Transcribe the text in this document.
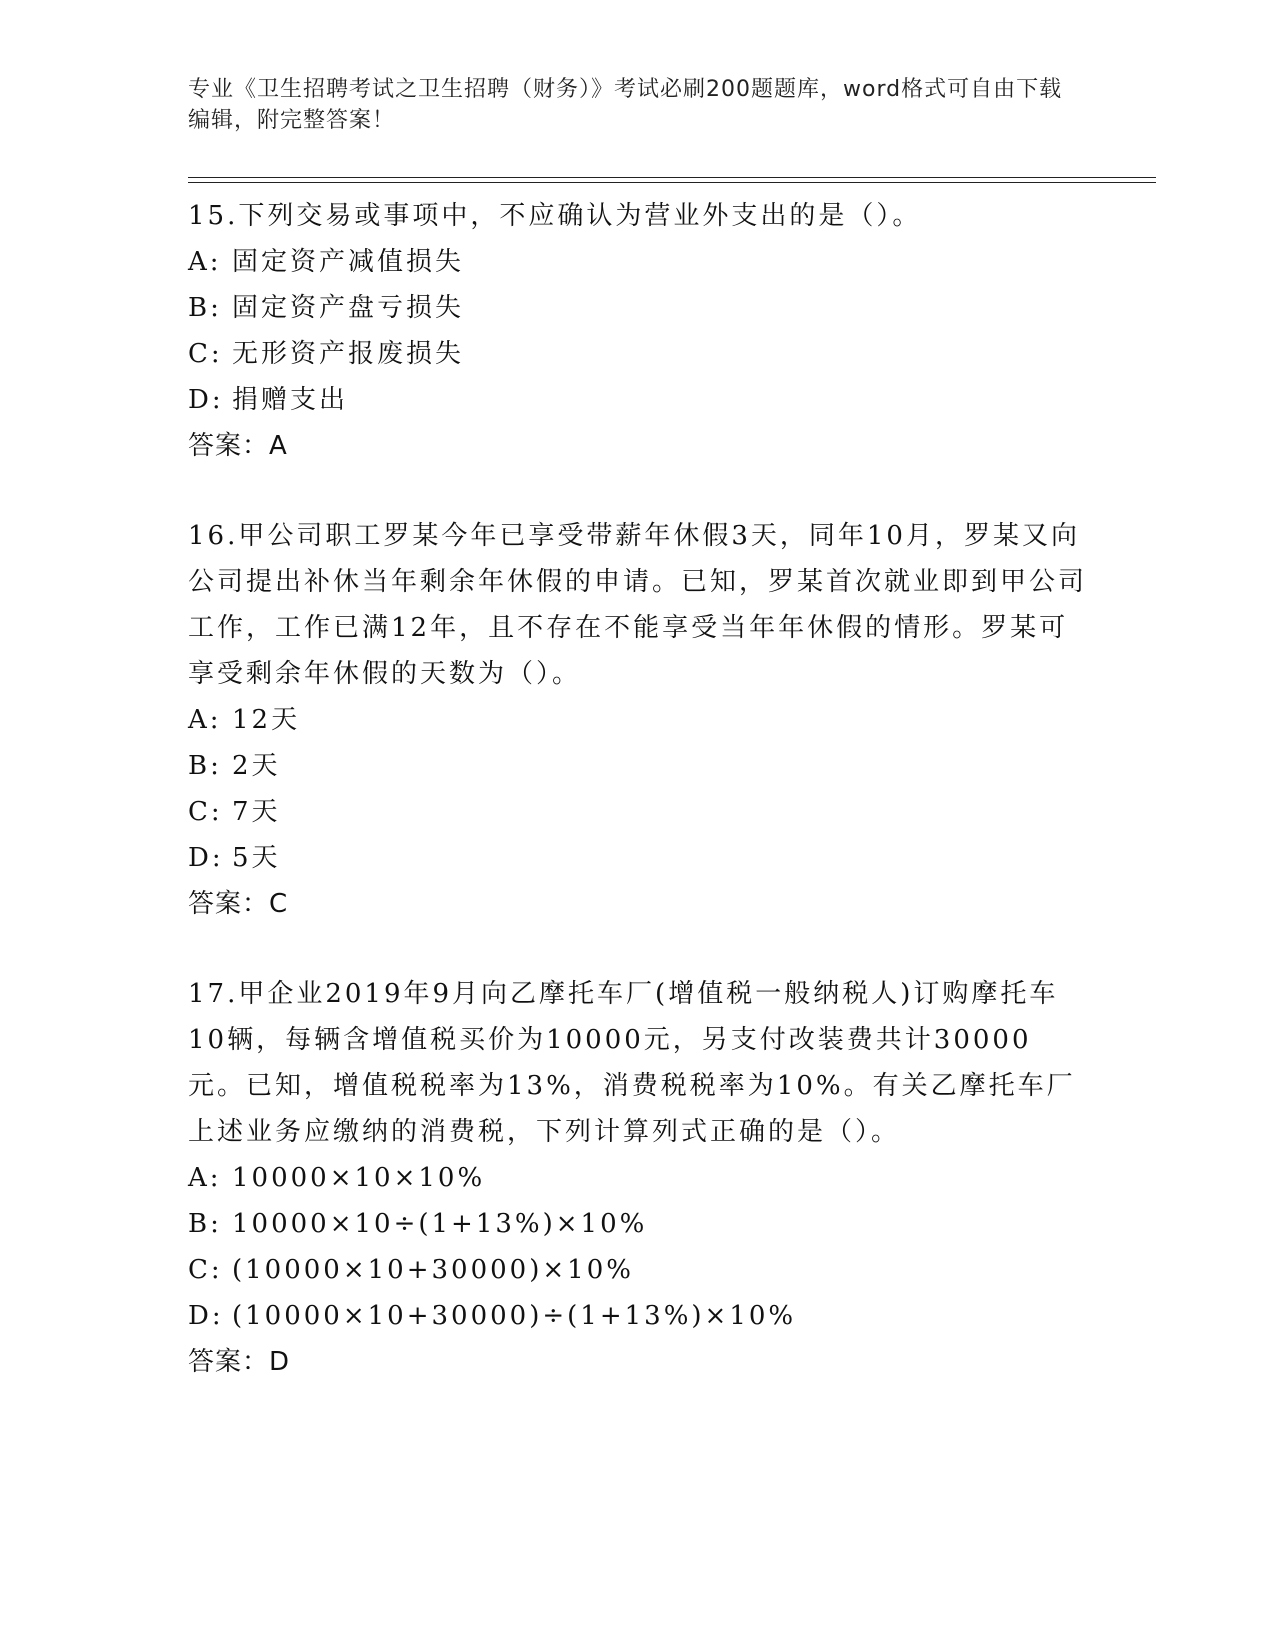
专业《卫生招聘考试之卫生招聘（财务）》考试必刷200题题库，word格式可自由下载编辑，附完整答案！

15.下列交易或事项中，不应确认为营业外支出的是（）。

A: 固定资产减值损失
B: 固定资产盘亏损失
C: 无形资产报废损失
D: 捐赠支出
答案：A

16.甲公司职工罗某今年已享受带薪年休假3天，同年10月，罗某又向公司提出补休当年剩余年休假的申请。已知，罗某首次就业即到甲公司工作，工作已满12年，且不存在不能享受当年年休假的情形。罗某可享受剩余年休假的天数为（）。

A: 12天
B: 2天
C: 7天
D: 5天
答案：C

17.甲企业2019年9月向乙摩托车厂(增值税一般纳税人)订购摩托车10辆，每辆含增值税买价为10000元，另支付改装费共计30000元。已知，增值税税率为13%，消费税税率为10%。有关乙摩托车厂上述业务应缴纳的消费税，下列计算列式正确的是（）。

A: 10000×10×10%
B: 10000×10÷(1+13%)×10%
C: (10000×10+30000)×10%
D: (10000×10+30000)÷(1+13%)×10%
答案：D
